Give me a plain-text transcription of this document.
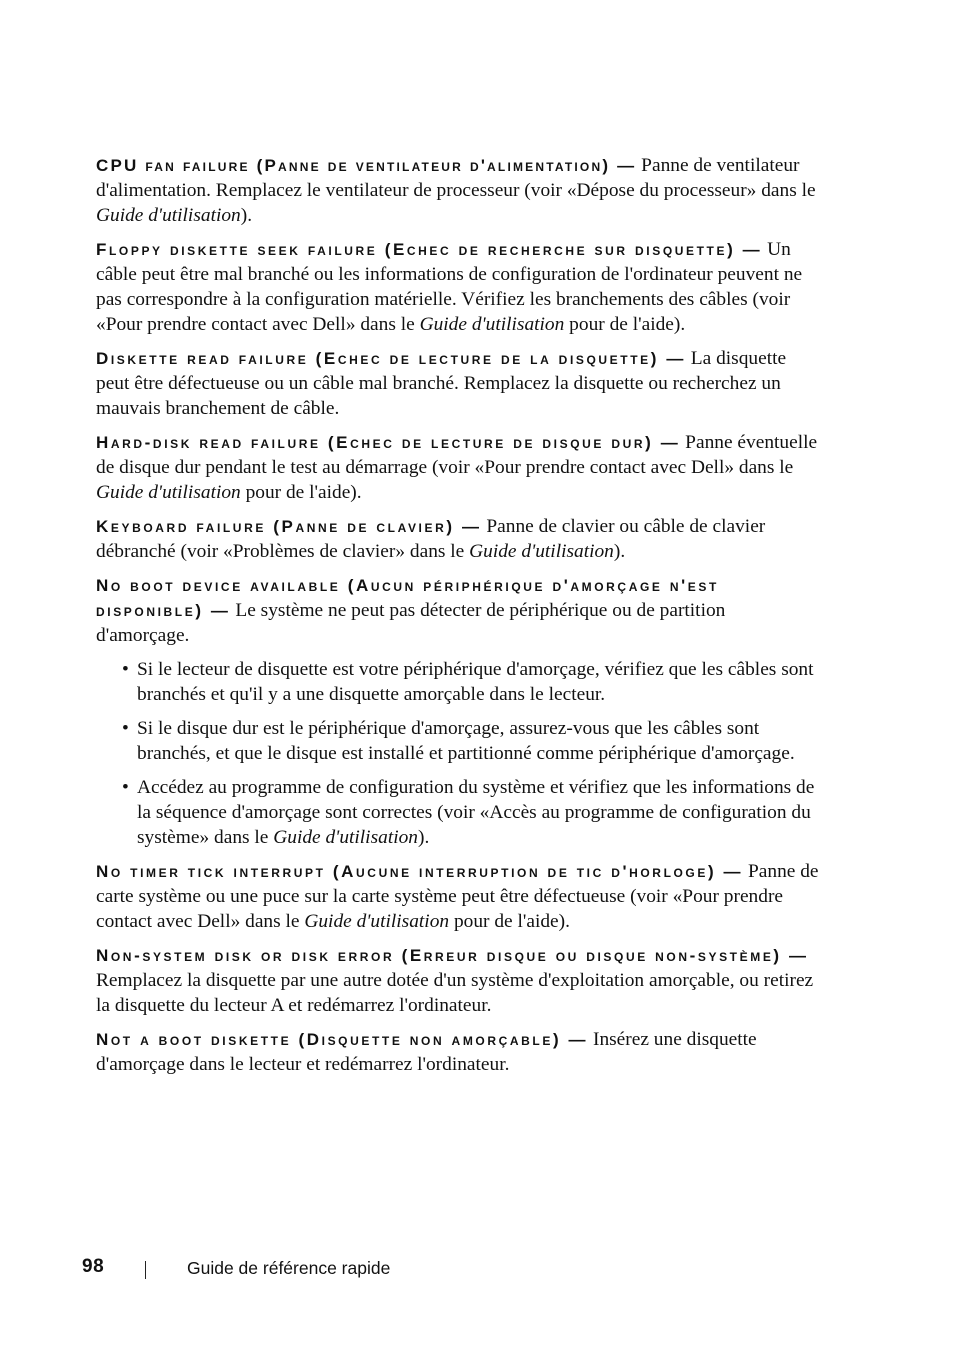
CPU fan failure (Panne de ventilateur d'alimentation) — Panne de ventilateur d'alimentation. Remplacez le ventilateur de processeur (voir «Dépose du processeur» dans le Guide d'utilisation).

Floppy diskette seek failure (Echec de recherche sur disquette) — Un câble peut être mal branché ou les informations de configuration de l'ordinateur peuvent ne pas correspondre à la configuration matérielle. Vérifiez les branchements des câbles (voir «Pour prendre contact avec Dell» dans le Guide d'utilisation pour de l'aide).

Diskette read failure (Echec de lecture de la disquette) — La disquette peut être défectueuse ou un câble mal branché. Remplacez la disquette ou recherchez un mauvais branchement de câble.

Hard-disk read failure (Echec de lecture de disque dur) — Panne éventuelle de disque dur pendant le test au démarrage (voir «Pour prendre contact avec Dell» dans le Guide d'utilisation pour de l'aide).

Keyboard failure (Panne de clavier) — Panne de clavier ou câble de clavier débranché (voir «Problèmes de clavier» dans le Guide d'utilisation).

No boot device available (Aucun périphérique d'amorçage n'est disponible) — Le système ne peut pas détecter de périphérique ou de partition d'amorçage.

• Si le lecteur de disquette est votre périphérique d'amorçage, vérifiez que les câbles sont branchés et qu'il y a une disquette amorçable dans le lecteur.
• Si le disque dur est le périphérique d'amorçage, assurez-vous que les câbles sont branchés, et que le disque est installé et partitionné comme périphérique d'amorçage.
• Accédez au programme de configuration du système et vérifiez que les informations de la séquence d'amorçage sont correctes (voir «Accès au programme de configuration du système» dans le Guide d'utilisation).

No timer tick interrupt (Aucune interruption de tic d'horloge) — Panne de carte système ou une puce sur la carte système peut être défectueuse (voir «Pour prendre contact avec Dell» dans le Guide d'utilisation pour de l'aide).

Non-system disk or disk error (Erreur disque ou disque non-système) — Remplacez la disquette par une autre dotée d'un système d'exploitation amorçable, ou retirez la disquette du lecteur A et redémarrez l'ordinateur.

Not a boot diskette (Disquette non amorçable) — Insérez une disquette d'amorçage dans le lecteur et redémarrez l'ordinateur.

98	Guide de référence rapide
